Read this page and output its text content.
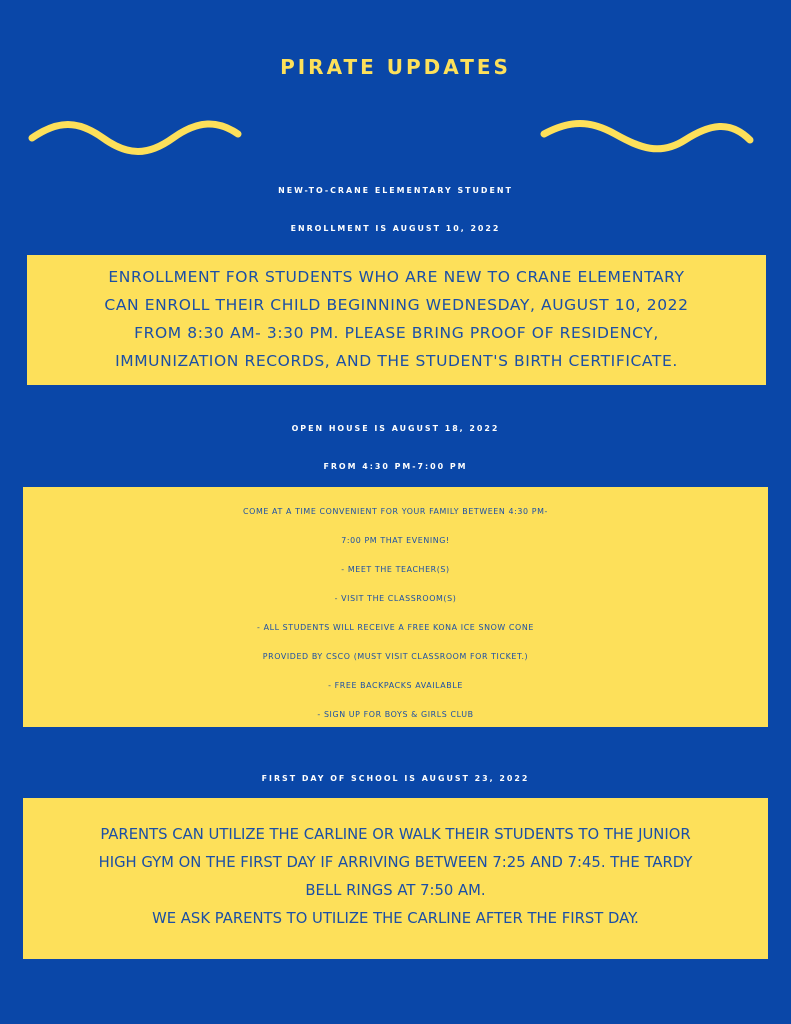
PIRATE UPDATES
NEW-TO-CRANE ELEMENTARY STUDENT
ENROLLMENT IS AUGUST 10, 2022
ENROLLMENT FOR STUDENTS WHO ARE NEW TO CRANE ELEMENTARY
CAN ENROLL THEIR CHILD BEGINNING WEDNESDAY, AUGUST 10, 2022
FROM 8:30 AM- 3:30 PM. PLEASE BRING PROOF OF RESIDENCY,
IMMUNIZATION RECORDS, AND THE STUDENT'S BIRTH CERTIFICATE.
OPEN HOUSE IS AUGUST 18, 2022
FROM 4:30 PM-7:00 PM
COME AT A TIME CONVENIENT FOR YOUR FAMILY BETWEEN 4:30 PM-
7:00 PM THAT EVENING!
- MEET THE TEACHER(S)
- VISIT THE CLASSROOM(S)
- ALL STUDENTS WILL RECEIVE A FREE KONA ICE SNOW CONE
PROVIDED BY CSCO (MUST VISIT CLASSROOM FOR TICKET.)
- FREE BACKPACKS AVAILABLE
- SIGN UP FOR BOYS & GIRLS CLUB
FIRST DAY OF SCHOOL IS AUGUST 23, 2022
PARENTS CAN UTILIZE THE CARLINE OR WALK THEIR STUDENTS TO THE JUNIOR
HIGH GYM ON THE FIRST DAY IF ARRIVING BETWEEN 7:25 AND 7:45. THE TARDY
BELL RINGS AT 7:50 AM.
WE ASK PARENTS TO UTILIZE THE CARLINE AFTER THE FIRST DAY.
